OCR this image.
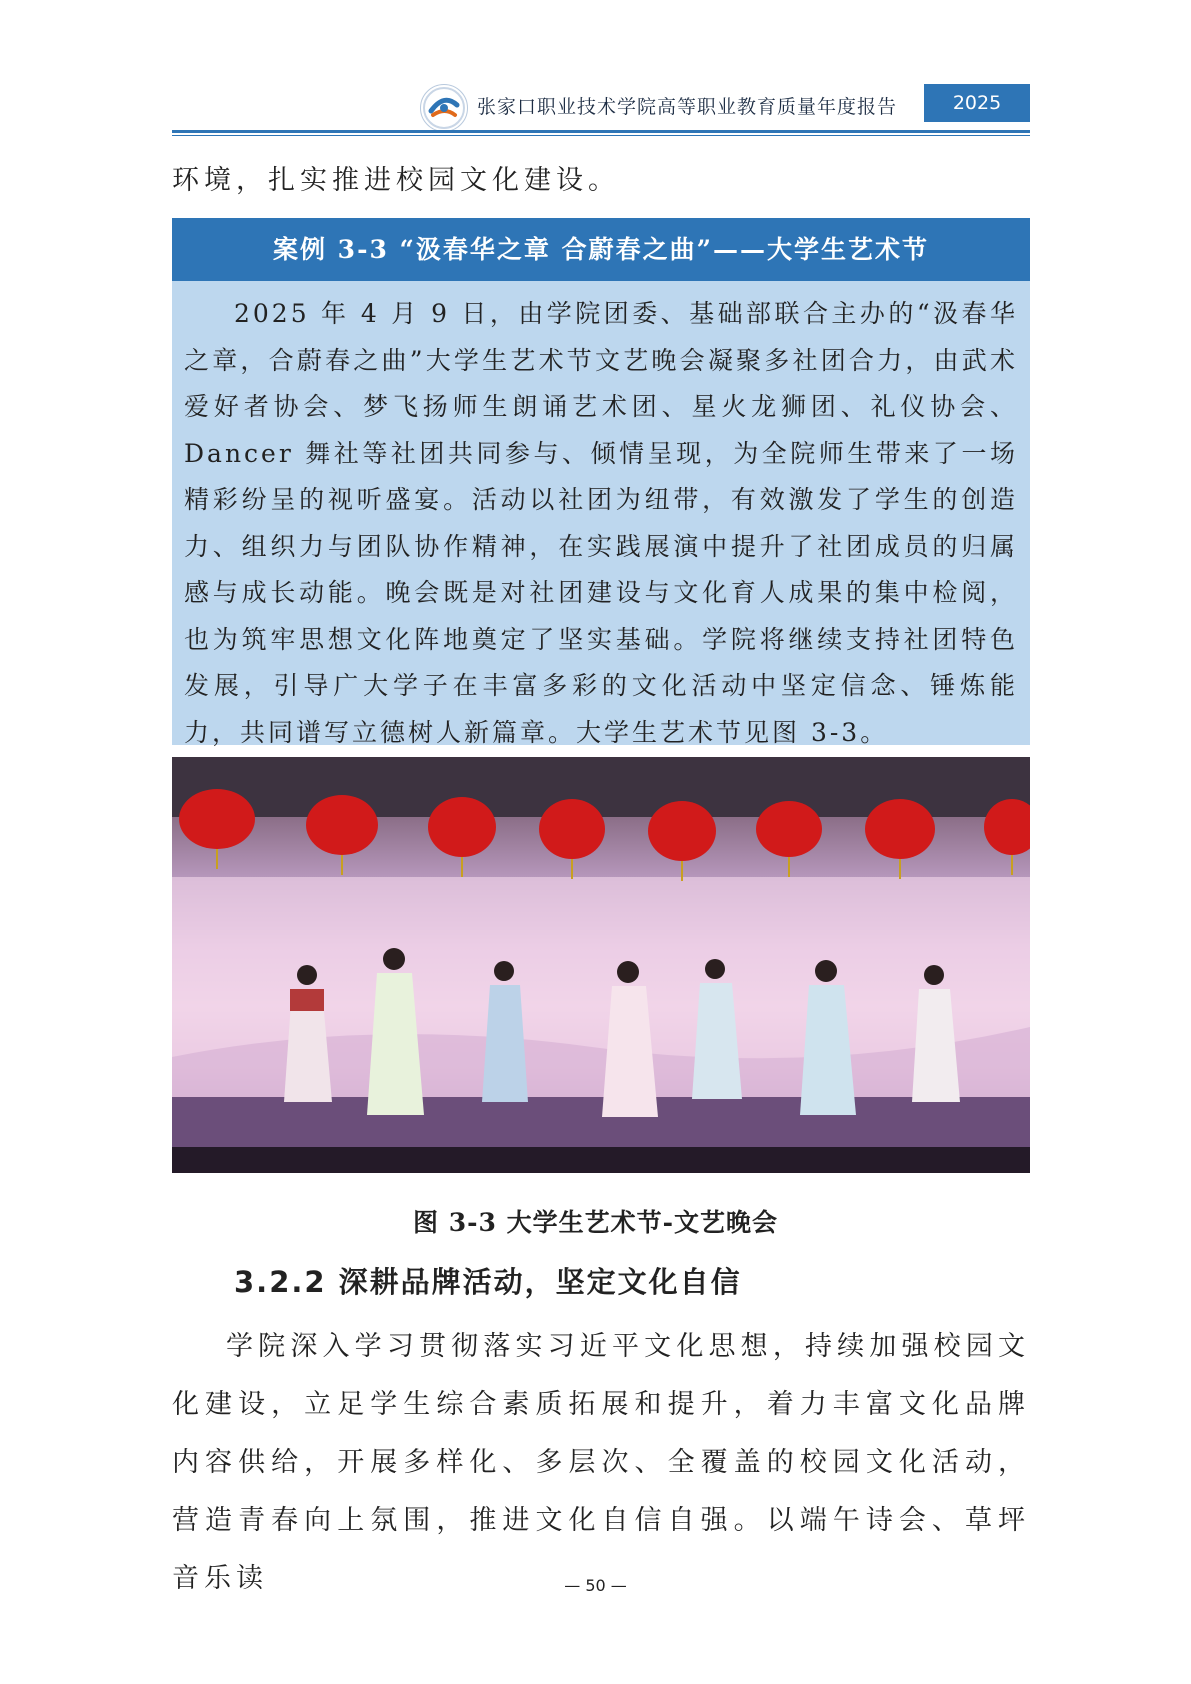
张家口职业技术学院高等职业教育质量年度报告	2025
环境，扎实推进校园文化建设。
案例 3-3 “汲春华之章 合蔚春之曲”——大学生艺术节
2025 年 4 月 9 日，由学院团委、基础部联合主办的“汲春华之章，合蔚春之曲”大学生艺术节文艺晚会凝聚多社团合力，由武术爱好者协会、梦飞扬师生朗诵艺术团、星火龙狮团、礼仪协会、Dancer 舞社等社团共同参与、倾情呈现，为全院师生带来了一场精彩纷呈的视听盛宴。活动以社团为纽带，有效激发了学生的创造力、组织力与团队协作精神，在实践展演中提升了社团成员的归属感与成长动能。晚会既是对社团建设与文化育人成果的集中检阅，也为筑牢思想文化阵地奠定了坚实基础。学院将继续支持社团特色发展，引导广大学子在丰富多彩的文化活动中坚定信念、锤炼能力，共同谱写立德树人新篇章。大学生艺术节见图 3-3。
图 3-3 大学生艺术节-文艺晚会
3.2.2 深耕品牌活动，坚定文化自信
学院深入学习贯彻落实习近平文化思想，持续加强校园文化建设，立足学生综合素质拓展和提升，着力丰富文化品牌内容供给，开展多样化、多层次、全覆盖的校园文化活动，营造青春向上氛围，推进文化自信自强。以端午诗会、草坪音乐读	— 50 —
